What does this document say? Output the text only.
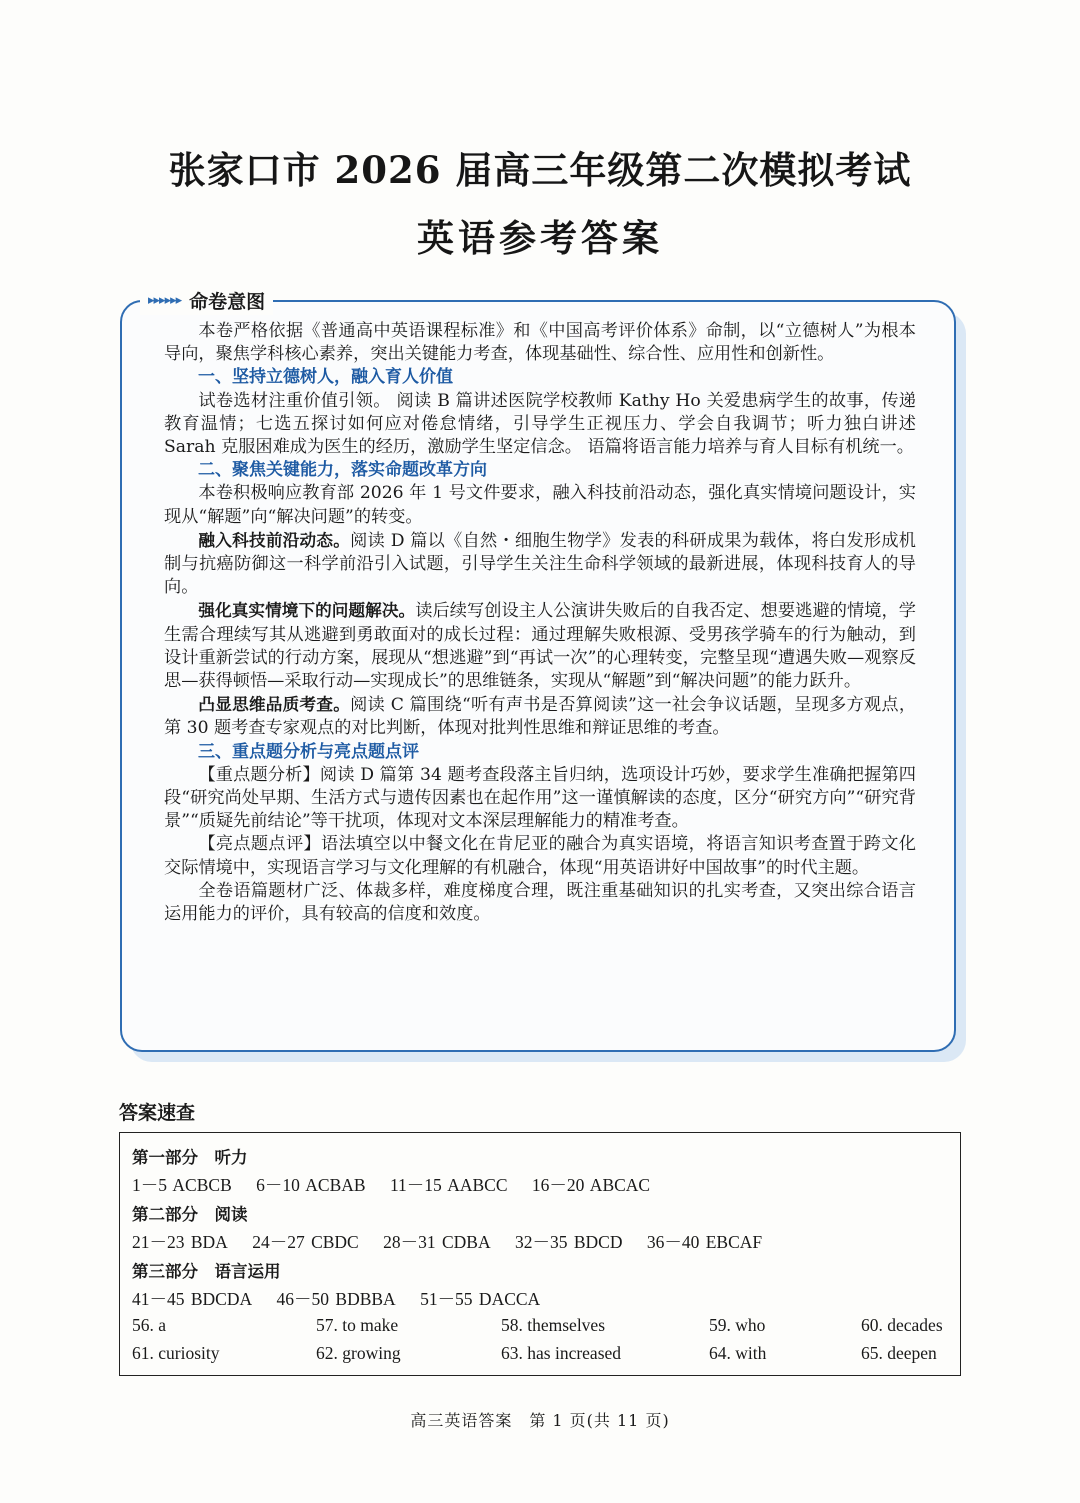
张家口市 2026 届高三年级第二次模拟考试
英语参考答案
▸▸▸▸▸▸ 命卷意图

本卷严格依据《普通高中英语课程标准》和《中国高考评价体系》命制，以“立德树人”为根本导向，聚焦学科核心素养，突出关键能力考查，体现基础性、综合性、应用性和创新性。

一、坚持立德树人，融入育人价值

试卷选材注重价值引领。 阅读 B 篇讲述医院学校教师 Kathy Ho 关爱患病学生的故事，传递教育温情；七选五探讨如何应对倦怠情绪，引导学生正视压力、学会自我调节；听力独白讲述 Sarah 克服困难成为医生的经历，激励学生坚定信念。 语篇将语言能力培养与育人目标有机统一。

二、聚焦关键能力，落实命题改革方向

本卷积极响应教育部 2026 年 1 号文件要求，融入科技前沿动态，强化真实情境问题设计，实现从“解题”向“解决问题”的转变。

融入科技前沿动态。阅读 D 篇以《自然・细胞生物学》发表的科研成果为载体，将白发形成机制与抗癌防御这一科学前沿引入试题，引导学生关注生命科学领域的最新进展，体现科技育人的导向。

强化真实情境下的问题解决。读后续写创设主人公演讲失败后的自我否定、想要逃避的情境，学生需合理续写其从逃避到勇敢面对的成长过程：通过理解失败根源、受男孩学骑车的行为触动，到设计重新尝试的行动方案，展现从“想逃避”到“再试一次”的心理转变，完整呈现“遭遇失败—观察反思—获得顿悟—采取行动—实现成长”的思维链条，实现从“解题”到“解决问题”的能力跃升。

凸显思维品质考查。阅读 C 篇围绕“听有声书是否算阅读”这一社会争议话题，呈现多方观点，第 30 题考查专家观点的对比判断，体现对批判性思维和辩证思维的考查。

三、重点题分析与亮点题点评

【重点题分析】阅读 D 篇第 34 题考查段落主旨归纳，选项设计巧妙，要求学生准确把握第四段“研究尚处早期、生活方式与遗传因素也在起作用”这一谨慎解读的态度，区分“研究方向”“研究背景”“质疑先前结论”等干扰项，体现对文本深层理解能力的精准考查。

【亮点题点评】语法填空以中餐文化在肯尼亚的融合为真实语境，将语言知识考查置于跨文化交际情境中，实现语言学习与文化理解的有机融合，体现“用英语讲好中国故事”的时代主题。

全卷语篇题材广泛、体裁多样，难度梯度合理，既注重基础知识的扎实考查，又突出综合语言运用能力的评价，具有较高的信度和效度。

答案速查
第一部分　听力
1－5 ACBCB 6－10 ACBAB 11－15 AABCC 16－20 ABCAC
第二部分　阅读
21－23 BDA 24－27 CBDC 28－31 CDBA 32－35 BDCD 36－40 EBCAF
第三部分　语言运用
41－45 BDCDA 46－50 BDBBA 51－55 DACCA
56. a	57. to make	58. themselves	59. who	60. decades
61. curiosity	62. growing	63. has increased	64. with	65. deepen
高三英语答案　第 1 页(共 11 页)
